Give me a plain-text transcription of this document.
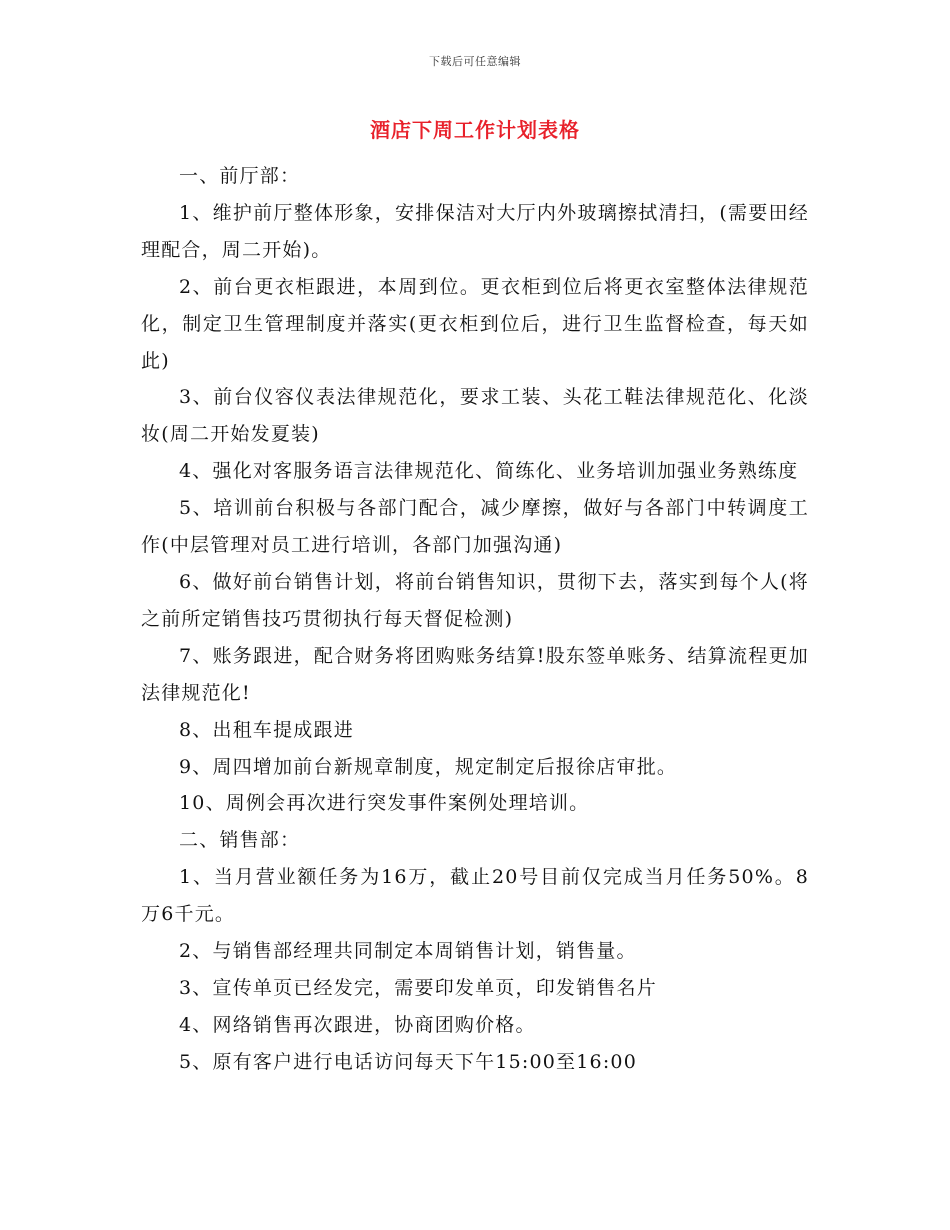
下载后可任意编辑
酒店下周工作计划表格

一、前厅部：

1、维护前厅整体形象，安排保洁对大厅内外玻璃擦拭清扫，(需要田经理配合，周二开始)。

2、前台更衣柜跟进，本周到位。更衣柜到位后将更衣室整体法律规范化，制定卫生管理制度并落实(更衣柜到位后，进行卫生监督检查，每天如此)

3、前台仪容仪表法律规范化，要求工装、头花工鞋法律规范化、化淡妆(周二开始发夏装)

4、强化对客服务语言法律规范化、简练化、业务培训加强业务熟练度

5、培训前台积极与各部门配合，减少摩擦，做好与各部门中转调度工作(中层管理对员工进行培训，各部门加强沟通)

6、做好前台销售计划，将前台销售知识，贯彻下去，落实到每个人(将之前所定销售技巧贯彻执行每天督促检测)

7、账务跟进，配合财务将团购账务结算!股东签单账务、结算流程更加法律规范化!

8、出租车提成跟进

9、周四增加前台新规章制度，规定制定后报徐店审批。

10、周例会再次进行突发事件案例处理培训。

二、销售部：

1、当月营业额任务为16万，截止20号目前仅完成当月任务50%。8万6千元。

2、与销售部经理共同制定本周销售计划，销售量。

3、宣传单页已经发完，需要印发单页，印发销售名片

4、网络销售再次跟进，协商团购价格。

5、原有客户进行电话访问每天下午15:00至16:00
